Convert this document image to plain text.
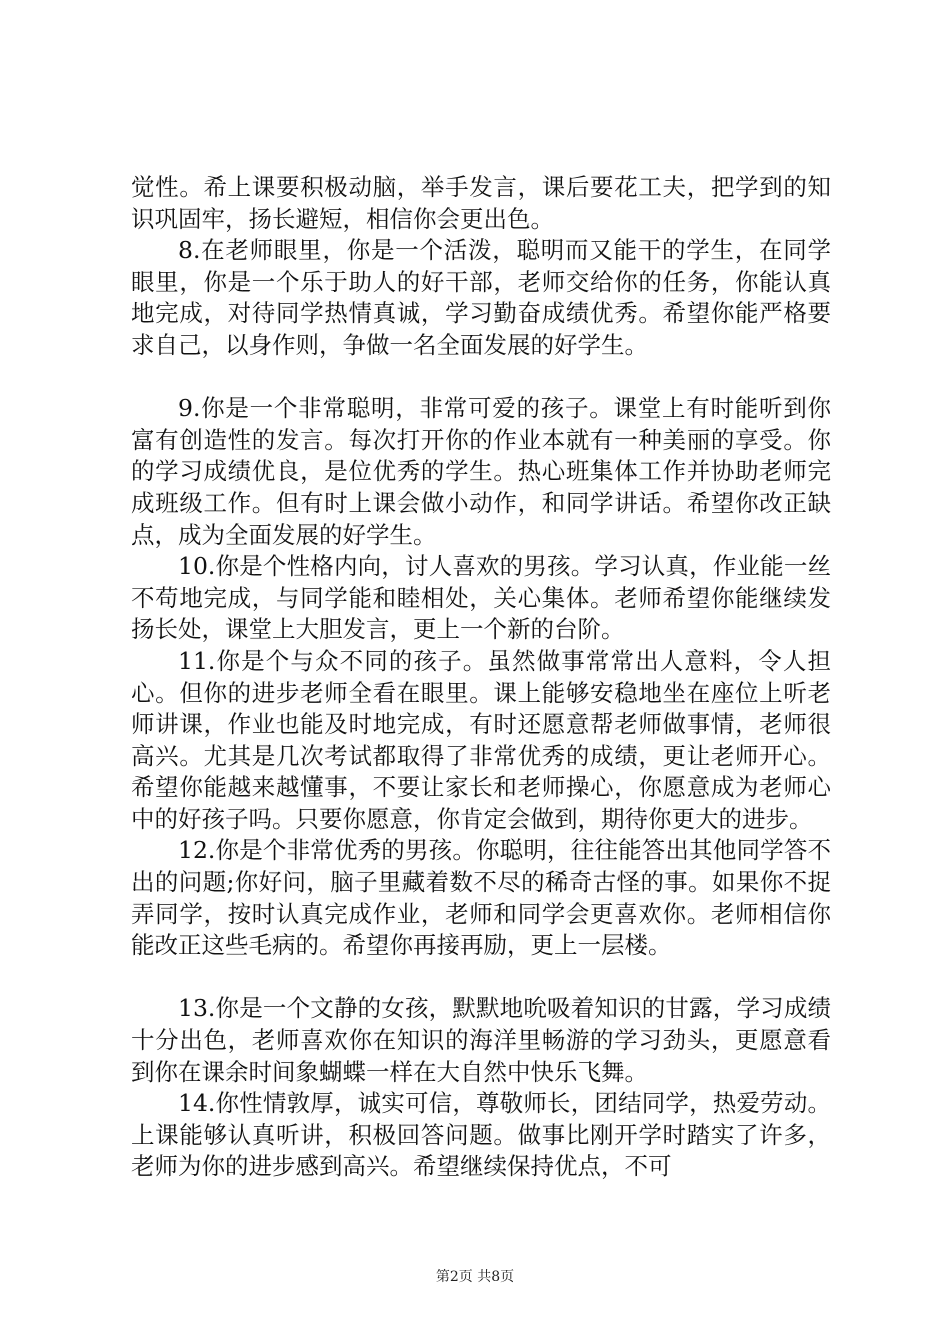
觉性。希上课要积极动脑，举手发言，课后要花工夫，把学到的知识巩固牢，扬长避短，相信你会更出色。

8.在老师眼里，你是一个活泼，聪明而又能干的学生，在同学眼里，你是一个乐于助人的好干部，老师交给你的任务，你能认真地完成，对待同学热情真诚，学习勤奋成绩优秀。希望你能严格要求自己，以身作则，争做一名全面发展的好学生。

9.你是一个非常聪明，非常可爱的孩子。课堂上有时能听到你富有创造性的发言。每次打开你的作业本就有一种美丽的享受。你的学习成绩优良，是位优秀的学生。热心班集体工作并协助老师完成班级工作。但有时上课会做小动作，和同学讲话。希望你改正缺点，成为全面发展的好学生。

10.你是个性格内向，讨人喜欢的男孩。学习认真，作业能一丝不苟地完成，与同学能和睦相处，关心集体。老师希望你能继续发扬长处，课堂上大胆发言，更上一个新的台阶。

11.你是个与众不同的孩子。虽然做事常常出人意料，令人担心。但你的进步老师全看在眼里。课上能够安稳地坐在座位上听老师讲课，作业也能及时地完成，有时还愿意帮老师做事情，老师很高兴。尤其是几次考试都取得了非常优秀的成绩，更让老师开心。希望你能越来越懂事，不要让家长和老师操心，你愿意成为老师心中的好孩子吗。只要你愿意，你肯定会做到，期待你更大的进步。

12.你是个非常优秀的男孩。你聪明，往往能答出其他同学答不出的问题;你好问，脑子里藏着数不尽的稀奇古怪的事。如果你不捉弄同学，按时认真完成作业，老师和同学会更喜欢你。老师相信你能改正这些毛病的。希望你再接再励，更上一层楼。

13.你是一个文静的女孩，默默地吮吸着知识的甘露，学习成绩十分出色，老师喜欢你在知识的海洋里畅游的学习劲头，更愿意看到你在课余时间象蝴蝶一样在大自然中快乐飞舞。

14.你性情敦厚，诚实可信，尊敬师长，团结同学，热爱劳动。上课能够认真听讲，积极回答问题。做事比刚开学时踏实了许多，老师为你的进步感到高兴。希望继续保持优点，不可

第2页 共8页
